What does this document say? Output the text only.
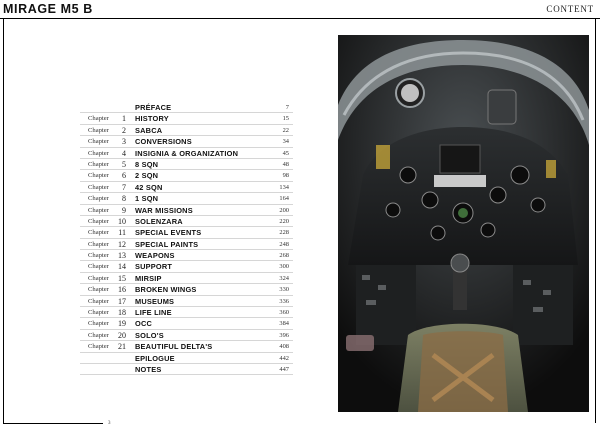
MIRAGE M5 B	CONTENT
3
PRÉFACE	7
Chapter	1 HISTORY	15
Chapter	2 SABCA	22
Chapter	3 CONVERSIONS	34
Chapter	4 INSIGNIA & ORGANIZATION	45
Chapter	5 8 SQN	48
Chapter	6 2 SQN	98
Chapter	7 42 SQN	134
Chapter	8 1 SQN	164
Chapter	9 WAR MISSIONS	200
Chapter	10 SOLENZARA	220
Chapter	11 SPECIAL EVENTS	228
Chapter	12 SPECIAL PAINTS	248
Chapter	13 WEAPONS	268
Chapter	14 SUPPORT	300
Chapter	15 MIRSIP	324
Chapter	16 BROKEN WINGS	330
Chapter	17 MUSEUMS	336
Chapter	18 LIFE LINE	360
Chapter	19 OCC	384
Chapter	20 SOLO'S	396
Chapter	21 BEAUTIFUL DELTA'S	408
EPILOGUE	442
NOTES	447
